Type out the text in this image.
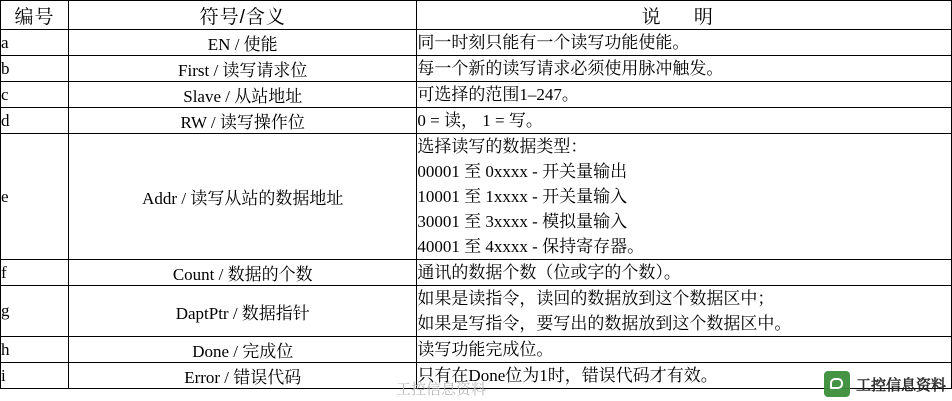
编号	符号/含义	说 明
a	EN / 使能	同一时刻只能有一个读写功能使能。

b	First / 读写请求位	每一个新的读写请求必须使用脉冲触发。

c	Slave / 从站地址	可选择的范围1–247。

d	RW / 读写操作位	0 = 读， 1 = 写。

e	Addr / 读写从站的数据地址	选择读写的数据类型：
00001 至 0xxxx - 开关量输出
10001 至 1xxxx - 开关量输入
30001 至 3xxxx - 模拟量输入
40001 至 4xxxx - 保持寄存器。

f	Count / 数据的个数	通讯的数据个数（位或字的个数）。

g	DaptPtr / 数据指针	如果是读指令，读回的数据放到这个数据区中；
如果是写指令，要写出的数据放到这个数据区中。

h	Done / 完成位	读写功能完成位。

i	Error / 错误代码	只有在Done位为1时，错误代码才有效。
工控信息资料	工控信息资料
